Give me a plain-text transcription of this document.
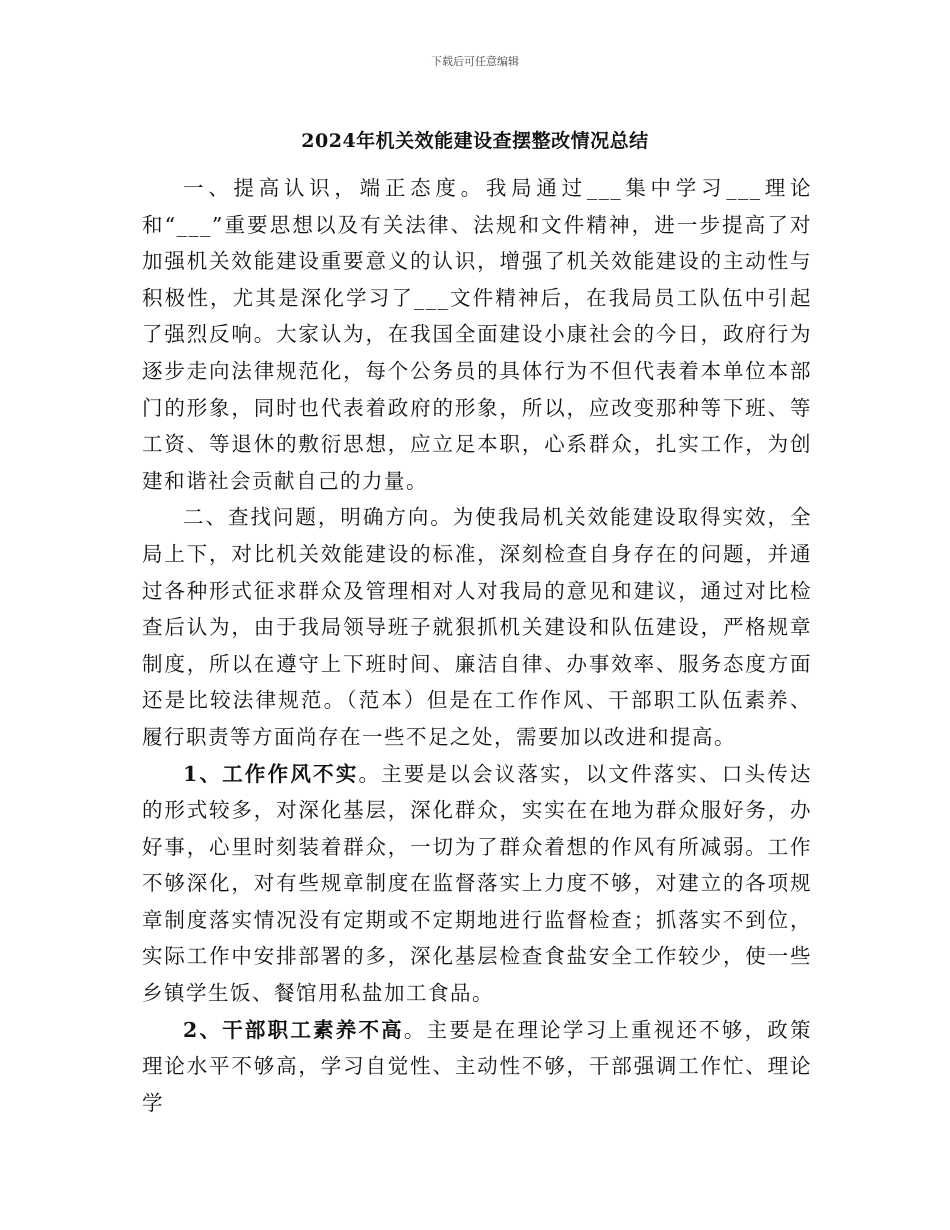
下载后可任意编辑
2024年机关效能建设查摆整改情况总结

一、提高认识，端正态度。我局通过___集中学习___理论和“___”重要思想以及有关法律、法规和文件精神，进一步提高了对加强机关效能建设重要意义的认识，增强了机关效能建设的主动性与积极性，尤其是深化学习了___文件精神后，在我局员工队伍中引起了强烈反响。大家认为，在我国全面建设小康社会的今日，政府行为逐步走向法律规范化，每个公务员的具体行为不但代表着本单位本部门的形象，同时也代表着政府的形象，所以，应改变那种等下班、等工资、等退休的敷衍思想，应立足本职，心系群众，扎实工作，为创建和谐社会贡献自己的力量。

二、查找问题，明确方向。为使我局机关效能建设取得实效，全局上下，对比机关效能建设的标准，深刻检查自身存在的问题，并通过各种形式征求群众及管理相对人对我局的意见和建议，通过对比检查后认为，由于我局领导班子就狠抓机关建设和队伍建设，严格规章制度，所以在遵守上下班时间、廉洁自律、办事效率、服务态度方面还是比较法律规范。（范本）但是在工作作风、干部职工队伍素养、履行职责等方面尚存在一些不足之处，需要加以改进和提高。

1、工作作风不实。主要是以会议落实，以文件落实、口头传达的形式较多，对深化基层，深化群众，实实在在地为群众服好务，办好事，心里时刻装着群众，一切为了群众着想的作风有所减弱。工作不够深化，对有些规章制度在监督落实上力度不够，对建立的各项规章制度落实情况没有定期或不定期地进行监督检查；抓落实不到位，实际工作中安排部署的多，深化基层检查食盐安全工作较少，使一些乡镇学生饭、餐馆用私盐加工食品。

2、干部职工素养不高。主要是在理论学习上重视还不够，政策理论水平不够高，学习自觉性、主动性不够，干部强调工作忙、理论学
